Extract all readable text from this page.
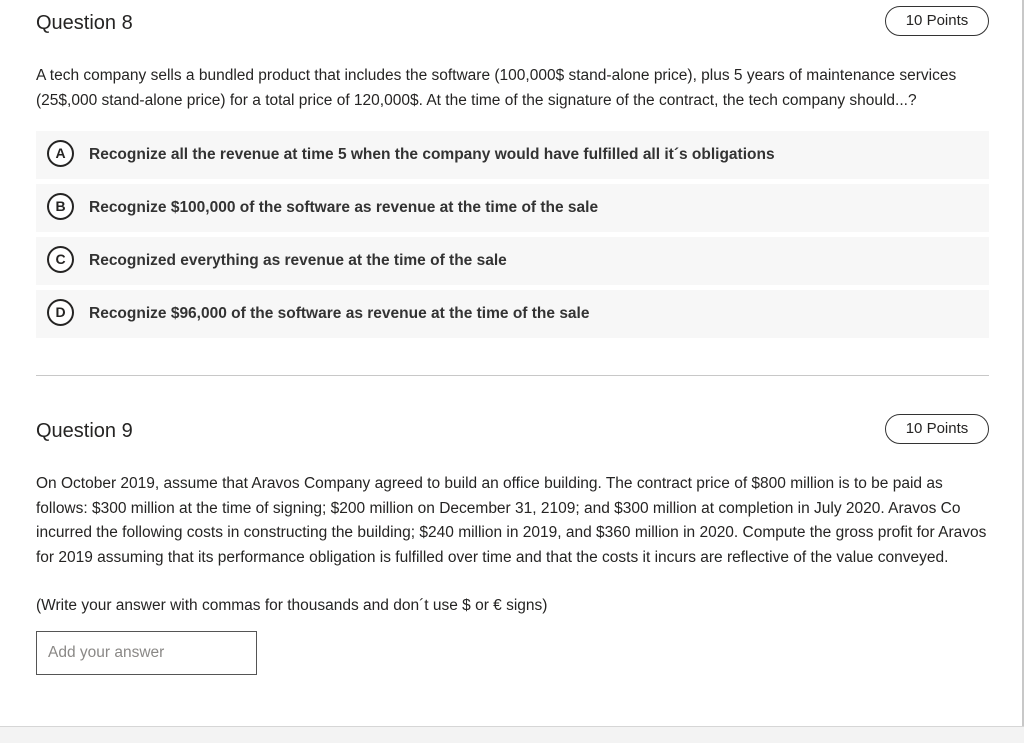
Question 8	10 Points
A tech company sells a bundled product that includes the software (100,000$ stand-alone price), plus 5 years of maintenance services (25$,000 stand-alone price) for a total price of 120,000$. At the time of the signature of the contract, the tech company should...?
A	Recognize all the revenue at time 5 when the company would have fulfilled all it´s obligations
B	Recognize $100,000 of the software as revenue at the time of the sale
C	Recognized everything as revenue at the time of the sale
D	Recognize $96,000 of the software as revenue at the time of the sale
Question 9	10 Points
On October 2019, assume that Aravos Company agreed to build an office building. The contract price of $800 million is to be paid as follows: $300 million at the time of signing; $200 million on December 31, 2109; and $300 million at completion in July 2020. Aravos Co incurred the following costs in constructing the building; $240 million in 2019, and $360 million in 2020. Compute the gross profit for Aravos for 2019 assuming that its performance obligation is fulfilled over time and that the costs it incurs are reflective of the value conveyed.
(Write your answer with commas for thousands and don´t use $ or € signs)
Add your answer
